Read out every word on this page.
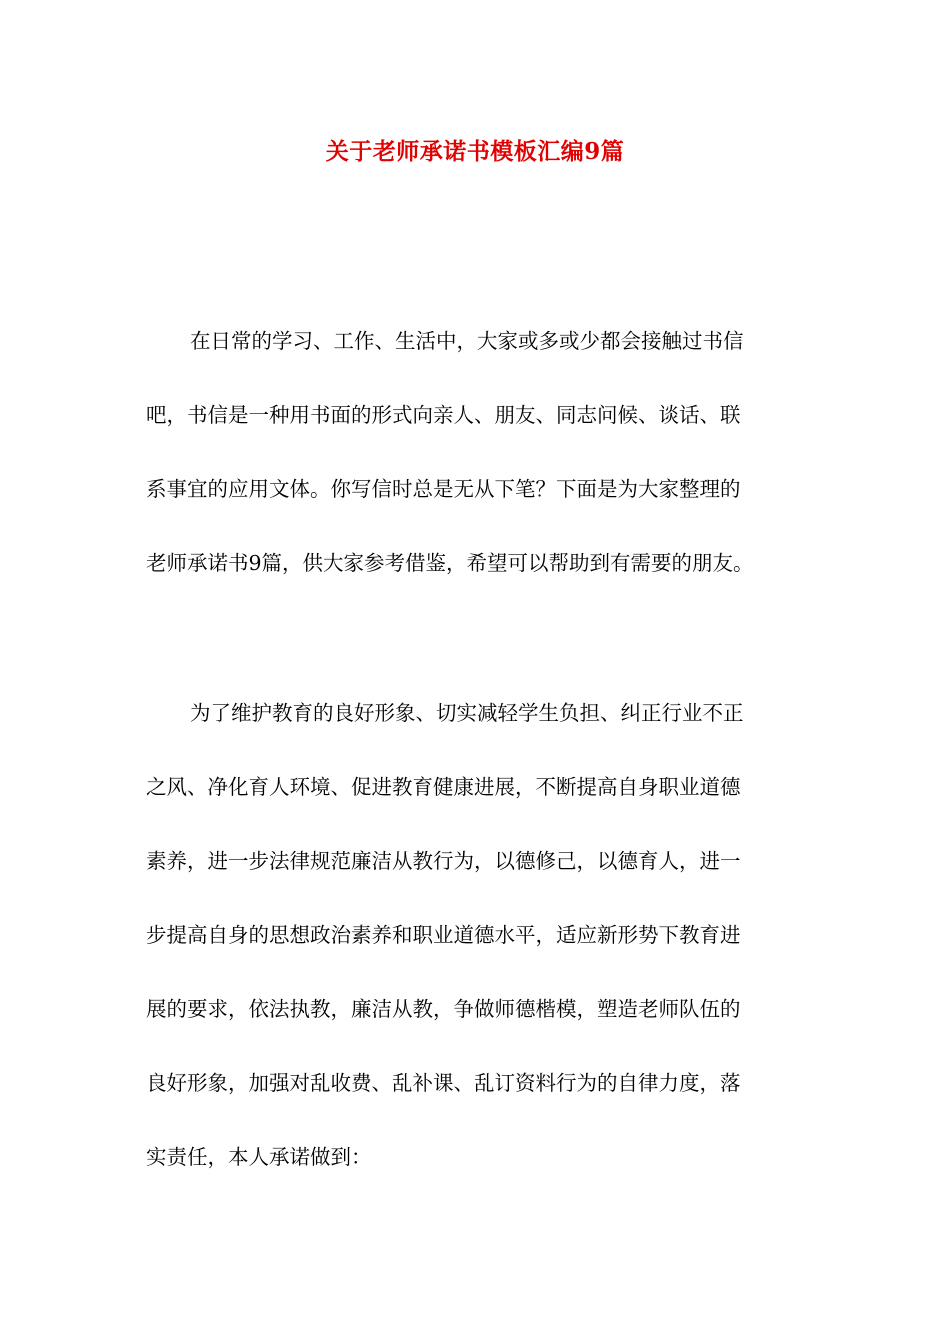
关于老师承诺书模板汇编9篇
在日常的学习、工作、生活中，大家或多或少都会接触过书信
吧，书信是一种用书面的形式向亲人、朋友、同志问候、谈话、联
系事宜的应用文体。你写信时总是无从下笔？下面是为大家整理的
老师承诺书9篇，供大家参考借鉴，希望可以帮助到有需要的朋友。
为了维护教育的良好形象、切实减轻学生负担、纠正行业不正
之风、净化育人环境、促进教育健康进展，不断提高自身职业道德
素养，进一步法律规范廉洁从教行为，以德修己，以德育人，进一
步提高自身的思想政治素养和职业道德水平，适应新形势下教育进
展的要求，依法执教，廉洁从教，争做师德楷模，塑造老师队伍的
良好形象，加强对乱收费、乱补课、乱订资料行为的自律力度，落
实责任，本人承诺做到：
